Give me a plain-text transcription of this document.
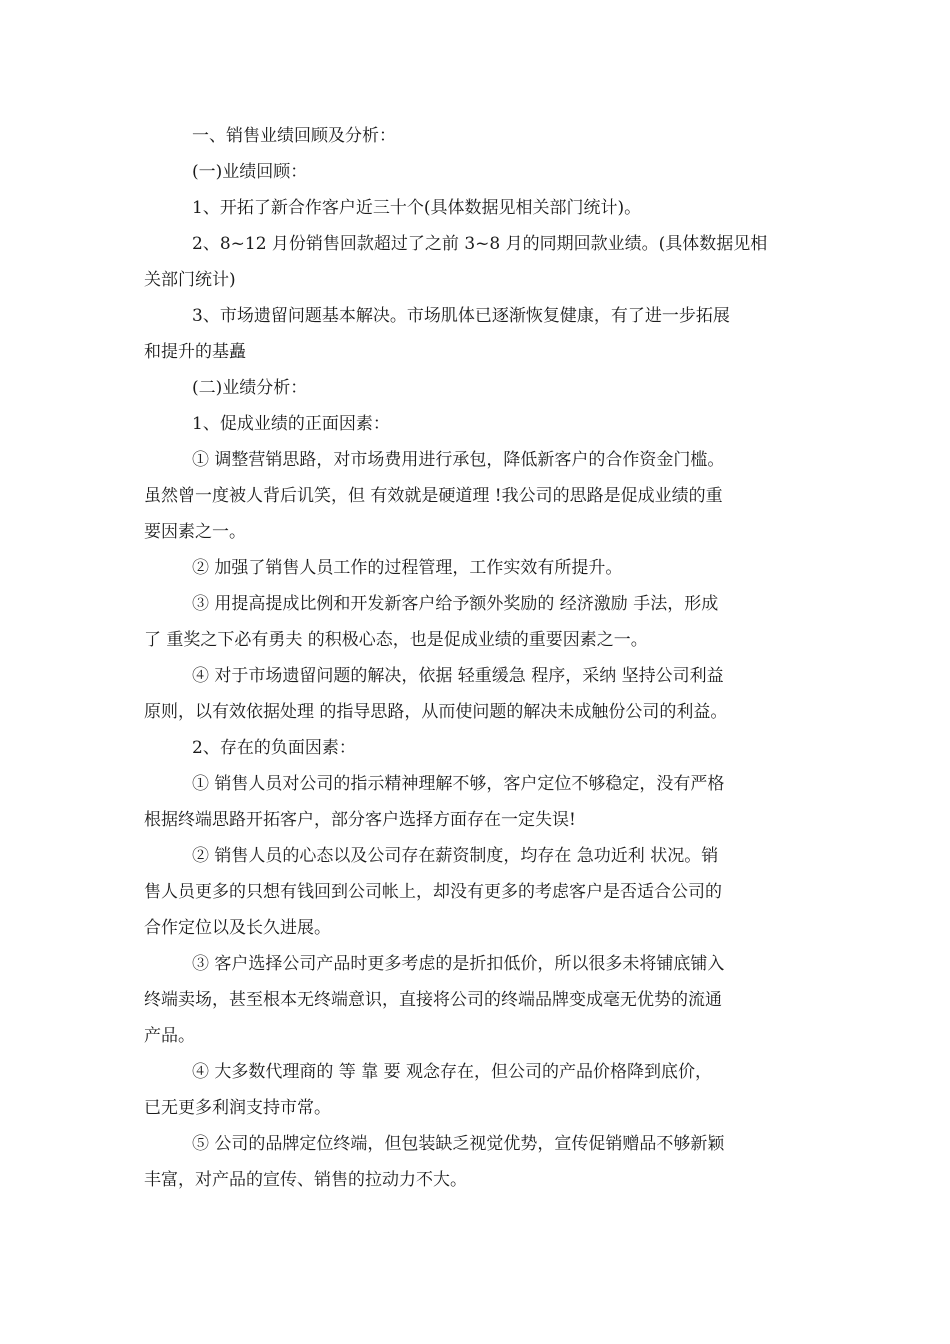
一、销售业绩回顾及分析：
(一)业绩回顾：
1、开拓了新合作客户近三十个(具体数据见相关部门统计)。
2、8~12 月份销售回款超过了之前 3~8 月的同期回款业绩。(具体数据见相
关部门统计)
3、市场遗留问题基本解决。市场肌体已逐渐恢复健康，有了进一步拓展
和提升的基矗
(二)业绩分析：
1、促成业绩的正面因素：
① 调整营销思路，对市场费用进行承包，降低新客户的合作资金门槛。
虽然曾一度被人背后讥笑，但 有效就是硬道理 !我公司的思路是促成业绩的重
要因素之一。
② 加强了销售人员工作的过程管理，工作实效有所提升。
③ 用提高提成比例和开发新客户给予额外奖励的 经济激励 手法，形成
了 重奖之下必有勇夫 的积极心态，也是促成业绩的重要因素之一。
④ 对于市场遗留问题的解决，依据 轻重缓急 程序，采纳 坚持公司利益
原则，以有效依据处理 的指导思路，从而使问题的解决未成触份公司的利益。
2、存在的负面因素：
① 销售人员对公司的指示精神理解不够，客户定位不够稳定，没有严格
根据终端思路开拓客户，部分客户选择方面存在一定失误!
② 销售人员的心态以及公司存在薪资制度，均存在 急功近利 状况。销
售人员更多的只想有钱回到公司帐上，却没有更多的考虑客户是否适合公司的
合作定位以及长久进展。
③ 客户选择公司产品时更多考虑的是折扣低价，所以很多未将铺底铺入
终端卖场，甚至根本无终端意识，直接将公司的终端品牌变成毫无优势的流通
产品。
④ 大多数代理商的 等 靠 要 观念存在，但公司的产品价格降到底价，
已无更多利润支持市常。
⑤ 公司的品牌定位终端，但包装缺乏视觉优势，宣传促销赠品不够新颖
丰富，对产品的宣传、销售的拉动力不大。
